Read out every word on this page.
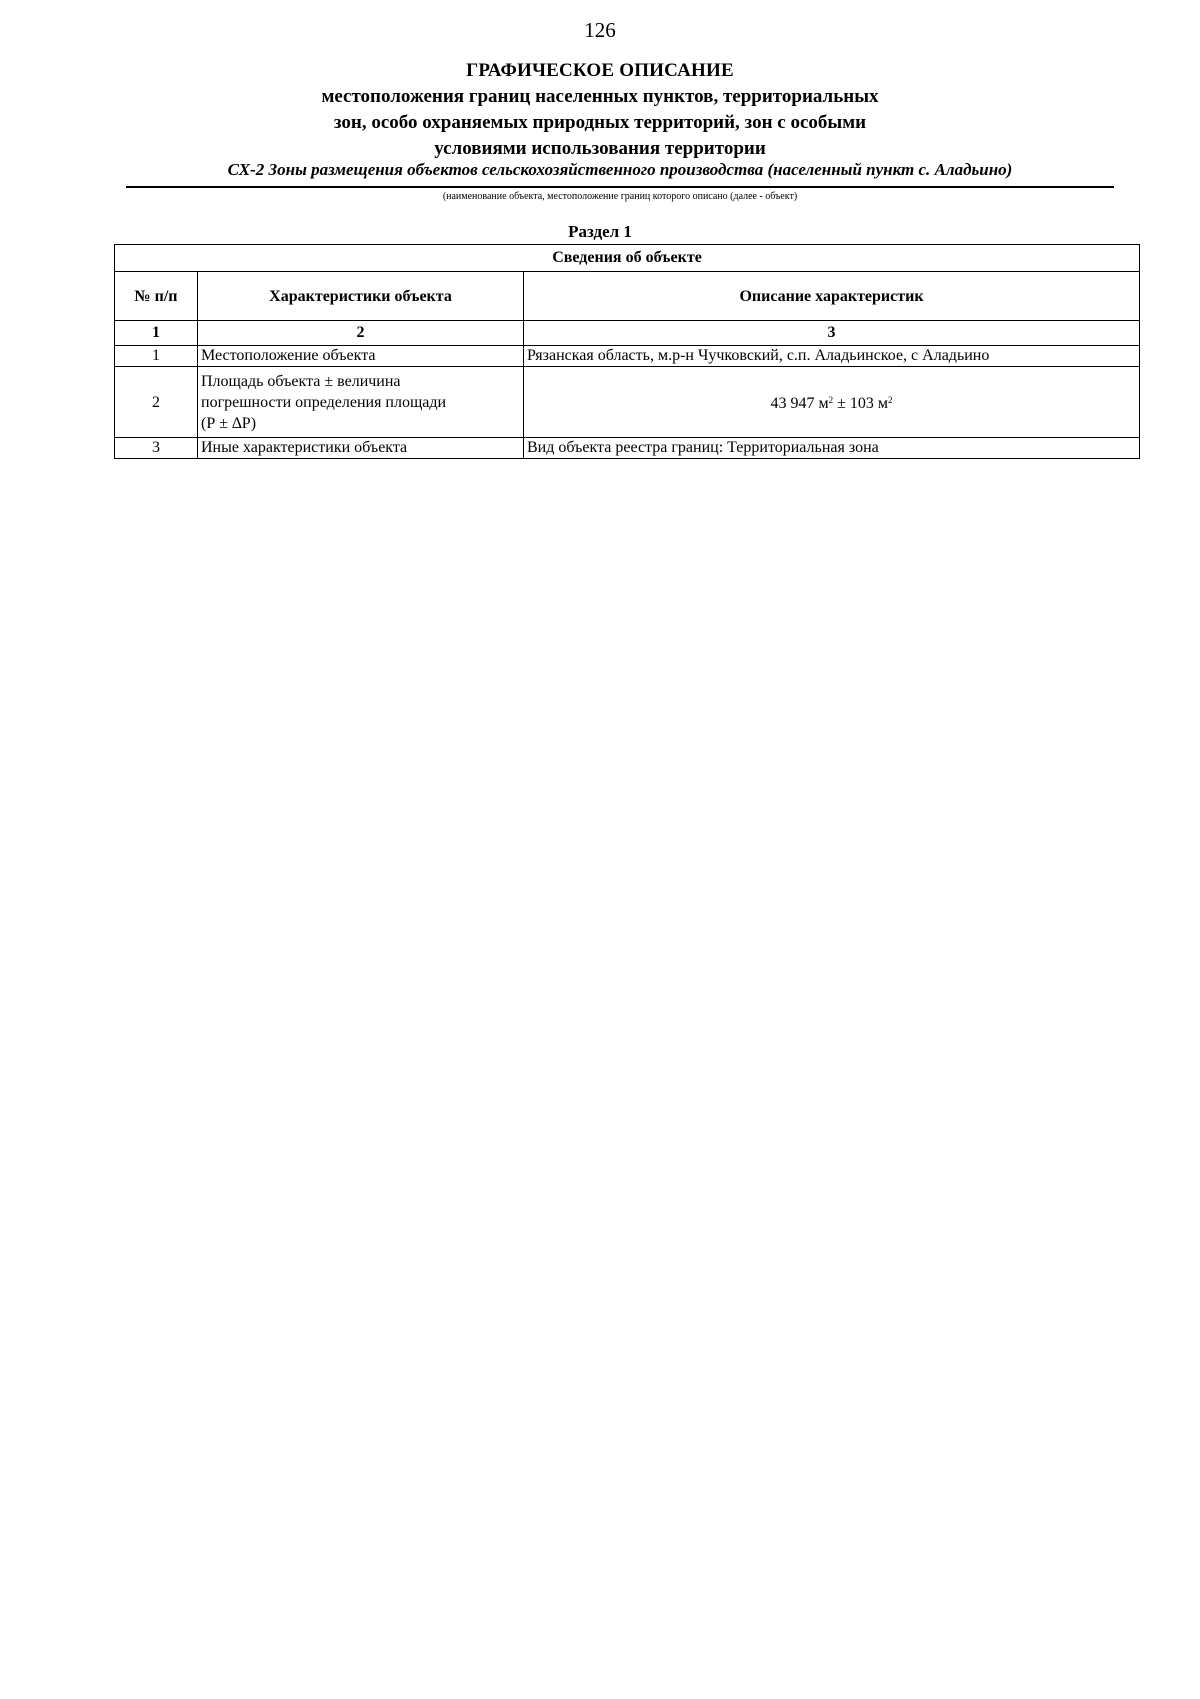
126
ГРАФИЧЕСКОЕ ОПИСАНИЕ
местоположения границ населенных пунктов, территориальных
зон, особо охраняемых природных территорий, зон с особыми
условиями использования территории
СХ-2 Зоны размещения объектов сельскохозяйственного производства (населенный пункт с. Аладьино)
(наименование объекта, местоположение границ которого описано (далее - объект)
Раздел 1
Сведения об объекте		
№ п/п	Характеристики объекта	Описание характеристик
1	2	3
1	Местоположение объекта	Рязанская область, м.р-н Чучковский, с.п. Аладьинское, с Аладьино
2	Площадь объекта ± величина
погрешности определения площади
(Р ± ∆Р)	43 947 $м^2 \pm 103$ $м^2$
3	Иные характеристики объекта	Вид объекта реестра границ: Территориальная зона
